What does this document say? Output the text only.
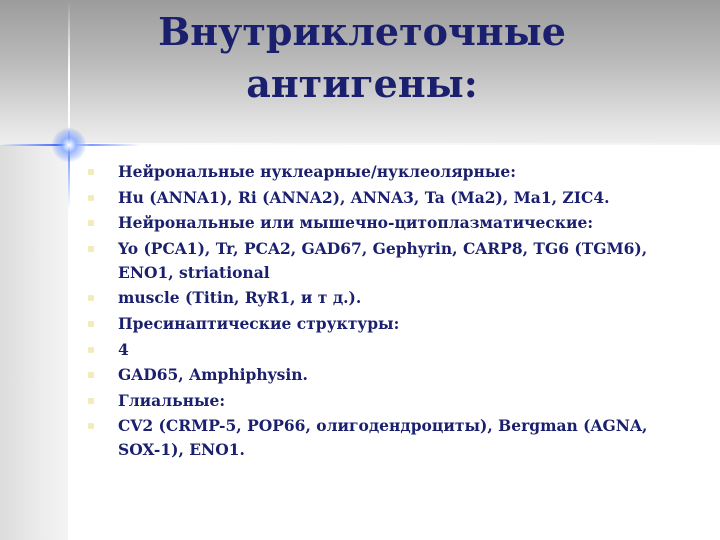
Внутриклеточные антигены:
Нейрональные нуклеарные/нуклеолярные:
Hu (ANNA1), Ri (ANNA2), ANNA3, Ta (Ma2), Ma1, ZIC4.
Нейрональные или мышечно-цитоплазматические:
Yo (PCA1), Tr, PCA2, GAD67, Gephyrin, CARP8, TG6 (TGM6), ENO1, striational
muscle (Titin, RyR1, и т д.).
Пресинаптические структуры:
4
GAD65, Amphiphysin.
Глиальные:
CV2 (CRMP-5, POP66, олигодендроциты), Bergman (AGNA, SOX-1), ENO1.
